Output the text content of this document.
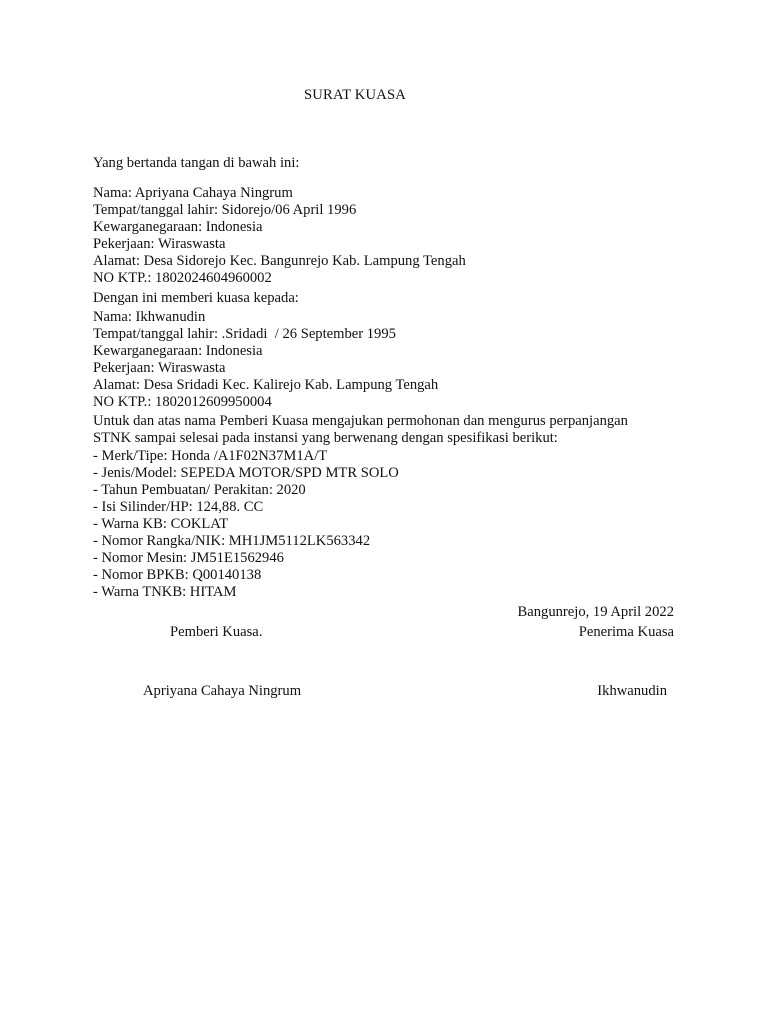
SURAT KUASA
Yang bertanda tangan di bawah ini:
Nama: Apriyana Cahaya Ningrum
Tempat/tanggal lahir: Sidorejo/06 April 1996
Kewarganegaraan: Indonesia
Pekerjaan: Wiraswasta
Alamat: Desa Sidorejo Kec. Bangunrejo Kab. Lampung Tengah
NO KTP.: 1802024604960002
Dengan ini memberi kuasa kepada:
Nama: Ikhwanudin
Tempat/tanggal lahir: .Sridadi  / 26 September 1995
Kewarganegaraan: Indonesia
Pekerjaan: Wiraswasta
Alamat: Desa Sridadi Kec. Kalirejo Kab. Lampung Tengah
NO KTP.: 1802012609950004
Untuk dan atas nama Pemberi Kuasa mengajukan permohonan dan mengurus perpanjangan
STNK sampai selesai pada instansi yang berwenang dengan spesifikasi berikut:
- Merk/Tipe: Honda /A1F02N37M1A/T
- Jenis/Model: SEPEDA MOTOR/SPD MTR SOLO
- Tahun Pembuatan/ Perakitan: 2020
- Isi Silinder/HP: 124,88. CC
- Warna KB: COKLAT
- Nomor Rangka/NIK: MH1JM5112LK563342
- Nomor Mesin: JM51E1562946
- Nomor BPKB: Q00140138
- Warna TNKB: HITAM
Bangunrejo, 19 April 2022
Pemberi Kuasa.	Penerima Kuasa
Apriyana Cahaya Ningrum	Ikhwanudin
